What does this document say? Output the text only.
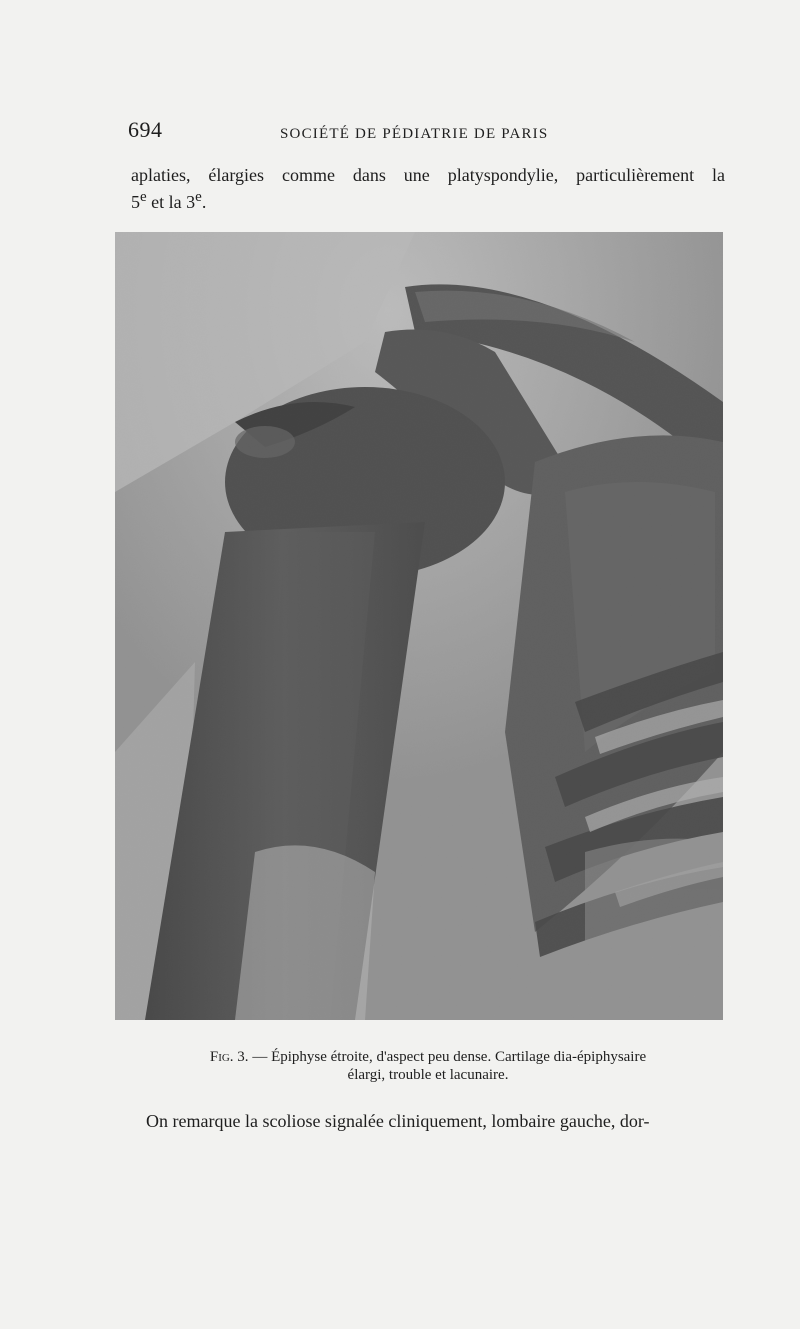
694	SOCIÉTÉ DE PÉDIATRIE DE PARIS
aplaties, élargies comme dans une platyspondylie, particulièrement la
5e et la 3e.
Fig. 3. — Épiphyse étroite, d'aspect peu dense. Cartilage dia-épiphysaire
élargi, trouble et lacunaire.
On remarque la scoliose signalée cliniquement, lombaire gauche, dor-
